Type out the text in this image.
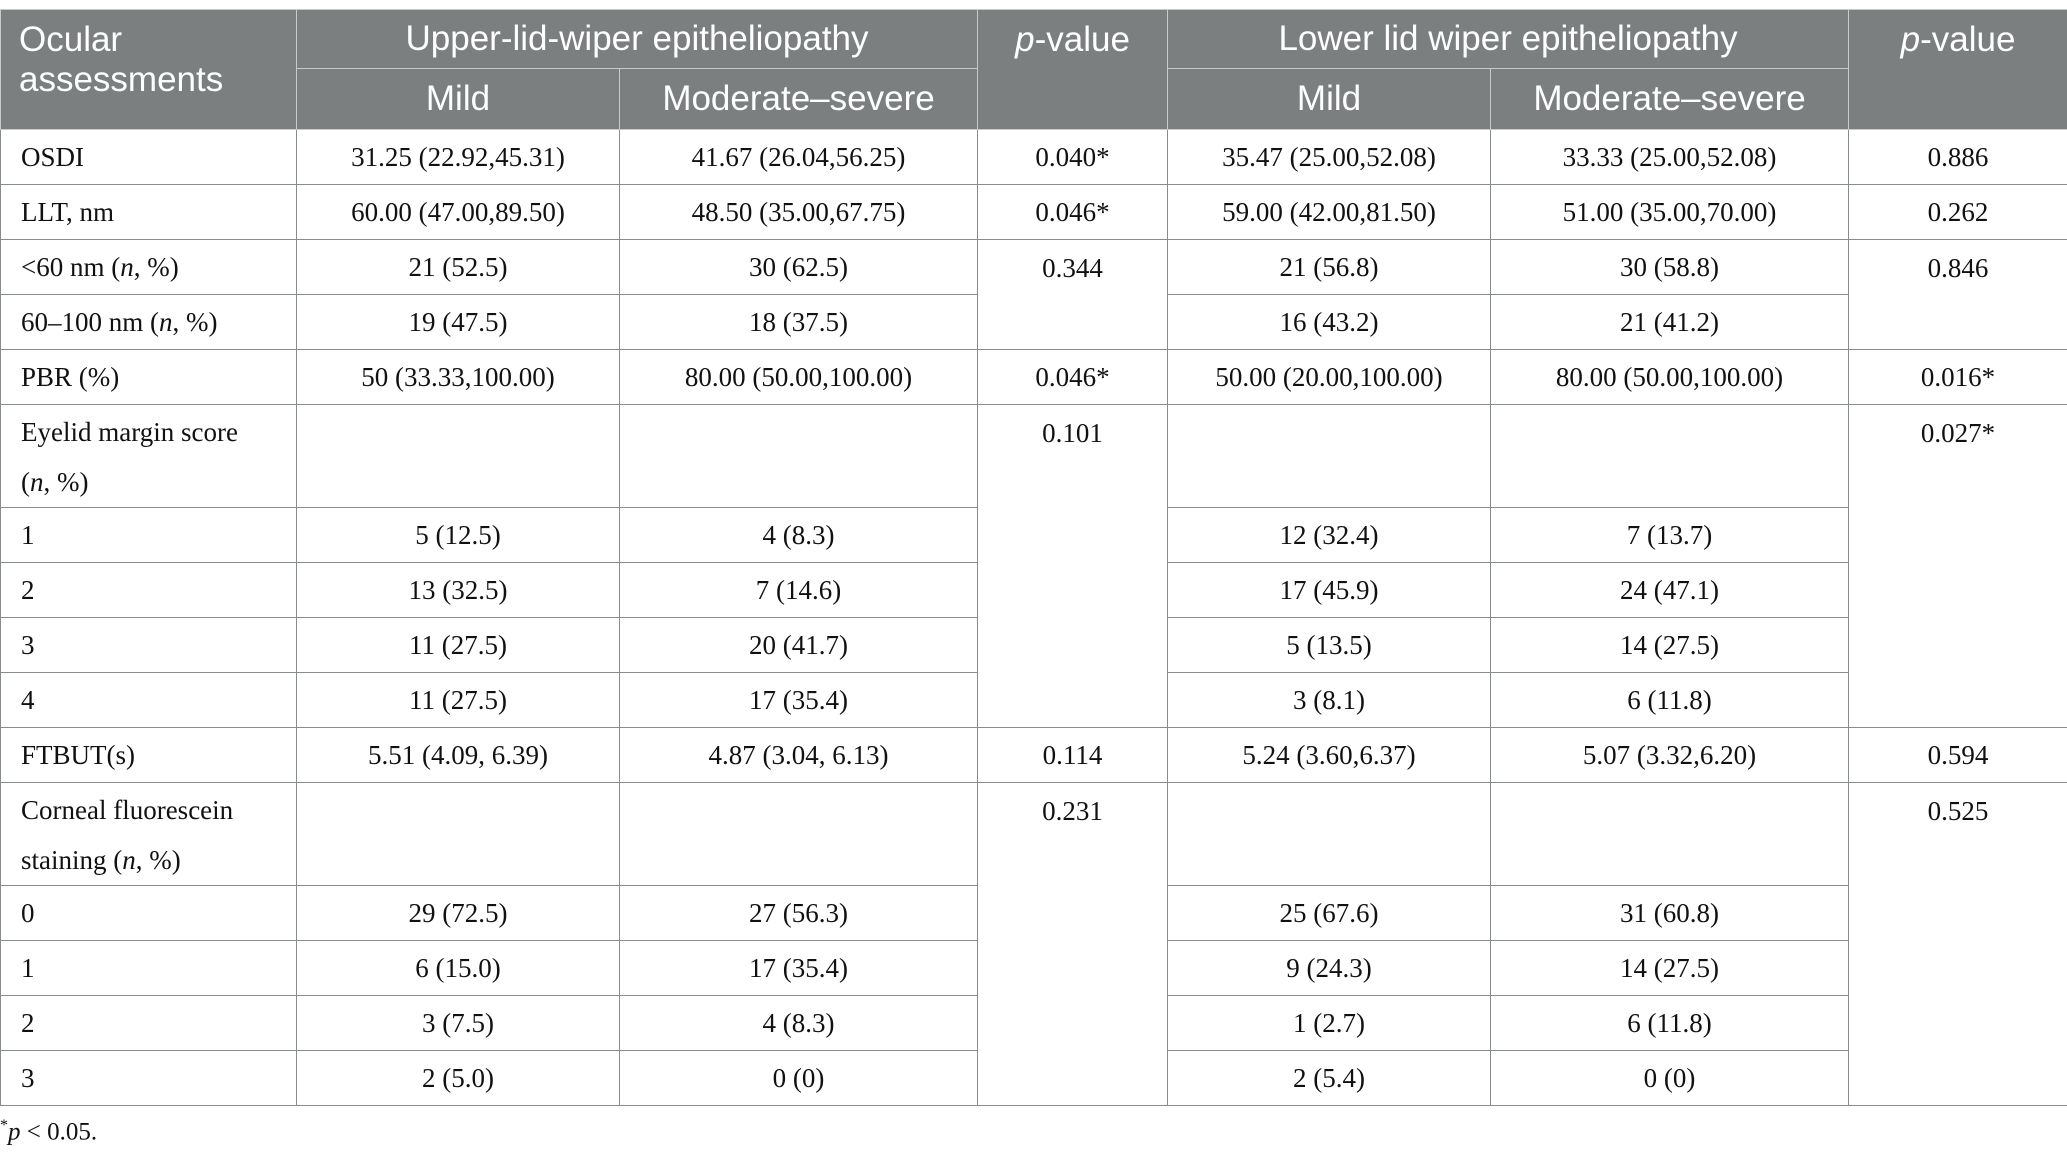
Ocular assessments	Upper-lid-wiper epitheliopathy		p-value	Lower lid wiper epitheliopathy		p-value
	Mild	Moderate–severe		Mild	Moderate–severe	
OSDI	31.25 (22.92,45.31)	41.67 (26.04,56.25)	0.040*	35.47 (25.00,52.08)	33.33 (25.00,52.08)	0.886
LLT, nm	60.00 (47.00,89.50)	48.50 (35.00,67.75)	0.046*	59.00 (42.00,81.50)	51.00 (35.00,70.00)	0.262
<60 nm (n, %)	21 (52.5)	30 (62.5)	0.344	21 (56.8)	30 (58.8)	0.846
60–100 nm (n, %)	19 (47.5)	18 (37.5)		16 (43.2)	21 (41.2)	
PBR (%)	50 (33.33,100.00)	80.00 (50.00,100.00)	0.046*	50.00 (20.00,100.00)	80.00 (50.00,100.00)	0.016*
Eyelid margin score
(n, %)			0.101			0.027*
1	5 (12.5)	4 (8.3)		12 (32.4)	7 (13.7)	
2	13 (32.5)	7 (14.6)		17 (45.9)	24 (47.1)	
3	11 (27.5)	20 (41.7)		5 (13.5)	14 (27.5)	
4	11 (27.5)	17 (35.4)		3 (8.1)	6 (11.8)	
FTBUT(s)	5.51 (4.09, 6.39)	4.87 (3.04, 6.13)	0.114	5.24 (3.60,6.37)	5.07 (3.32,6.20)	0.594
Corneal fluorescein
staining (n, %)			0.231			0.525
0	29 (72.5)	27 (56.3)		25 (67.6)	31 (60.8)	
1	6 (15.0)	17 (35.4)		9 (24.3)	14 (27.5)	
2	3 (7.5)	4 (8.3)		1 (2.7)	6 (11.8)	
3	2 (5.0)	0 (0)		2 (5.4)	0 (0)	
*p < 0.05.
